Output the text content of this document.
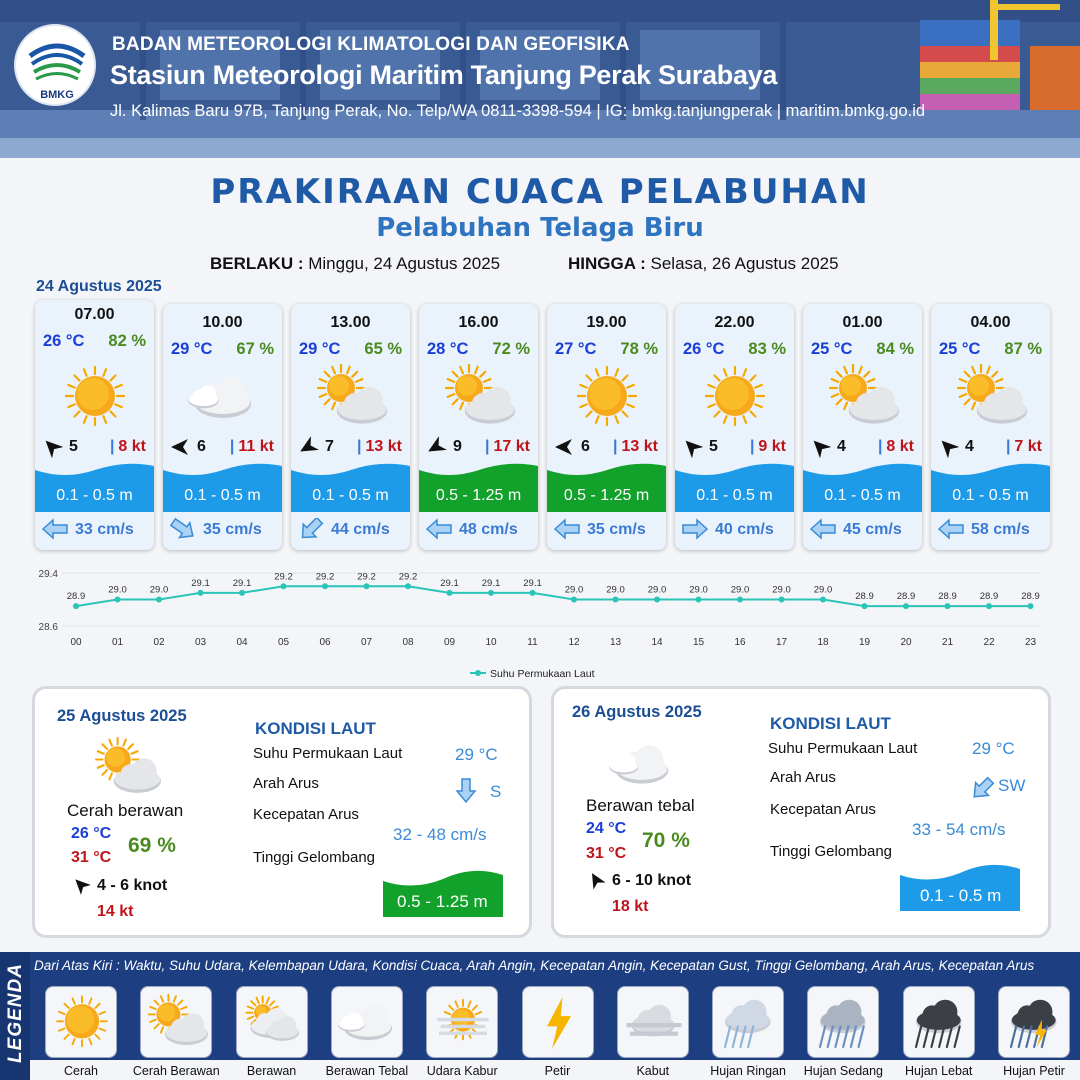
BMKG
BADAN METEOROLOGI KLIMATOLOGI DAN GEOFISIKA
Stasiun Meteorologi Maritim Tanjung Perak Surabaya
Jl. Kalimas Baru 97B, Tanjung Perak, No. Telp/WA 0811-3398-594 | IG: bmkg.tanjungperak | maritim.bmkg.go.id
PRAKIRAAN CUACA PELABUHAN
Pelabuhan Telaga Biru
BERLAKU : Minggu, 24 Agustus 2025	HINGGA : Selasa, 26 Agustus 2025
24 Agustus 2025
07.00
26 °C 82 %
5 | 8 kt
0.1 - 0.5 m
33 cm/s
10.00
29 °C 67 %
6 | 11 kt
0.1 - 0.5 m
35 cm/s
13.00
29 °C 65 %
7 | 13 kt
0.1 - 0.5 m
44 cm/s
16.00
28 °C 72 %
9 | 17 kt
0.5 - 1.25 m
48 cm/s
19.00
27 °C 78 %
6 | 13 kt
0.5 - 1.25 m
35 cm/s
22.00
26 °C 83 %
5 | 9 kt
0.1 - 0.5 m
40 cm/s
01.00
25 °C 84 %
4 | 8 kt
0.1 - 0.5 m
45 cm/s
04.00
25 °C 87 %
4 | 7 kt
0.1 - 0.5 m
58 cm/s
29.4
28.6
28.9
00
29.0
01
29.0
02
29.1
03
29.1
04
29.2
05
29.2
06
29.2
07
29.2
08
29.1
09
29.1
10
29.1
11
29.0
12
29.0
13
29.0
14
29.0
15
29.0
16
29.0
17
29.0
18
28.9
19
28.9
20
28.9
21
28.9
22
28.9
23
Suhu Permukaan Laut
25 Agustus 2025
Cerah berawan
26 °C
31 °C
69 %
4 - 6 knot
14 kt
KONDISI LAUT
Suhu Permukaan Laut	29 °C
Arah Arus	S
Kecepatan Arus
32 - 48 cm/s
Tinggi Gelombang
0.5 - 1.25 m
26 Agustus 2025
Berawan tebal
24 °C
31 °C
70 %
6 - 10 knot
18 kt
KONDISI LAUT
Suhu Permukaan Laut	29 °C
Arah Arus	SW
Kecepatan Arus
33 - 54 cm/s
Tinggi Gelombang
0.1 - 0.5 m
LEGENDA Dari Atas Kiri : Waktu, Suhu Udara, Kelembapan Udara, Kondisi Cuaca, Arah Angin, Kecepatan Angin, Kecepatan Gust, Tinggi Gelombang, Arah Arus, Kecepatan Arus
Cerah	Cerah Berawan	Berawan	Berawan Tebal	Udara Kabur	Petir	Kabut	Hujan Ringan	Hujan Sedang	Hujan Lebat	Hujan Petir
